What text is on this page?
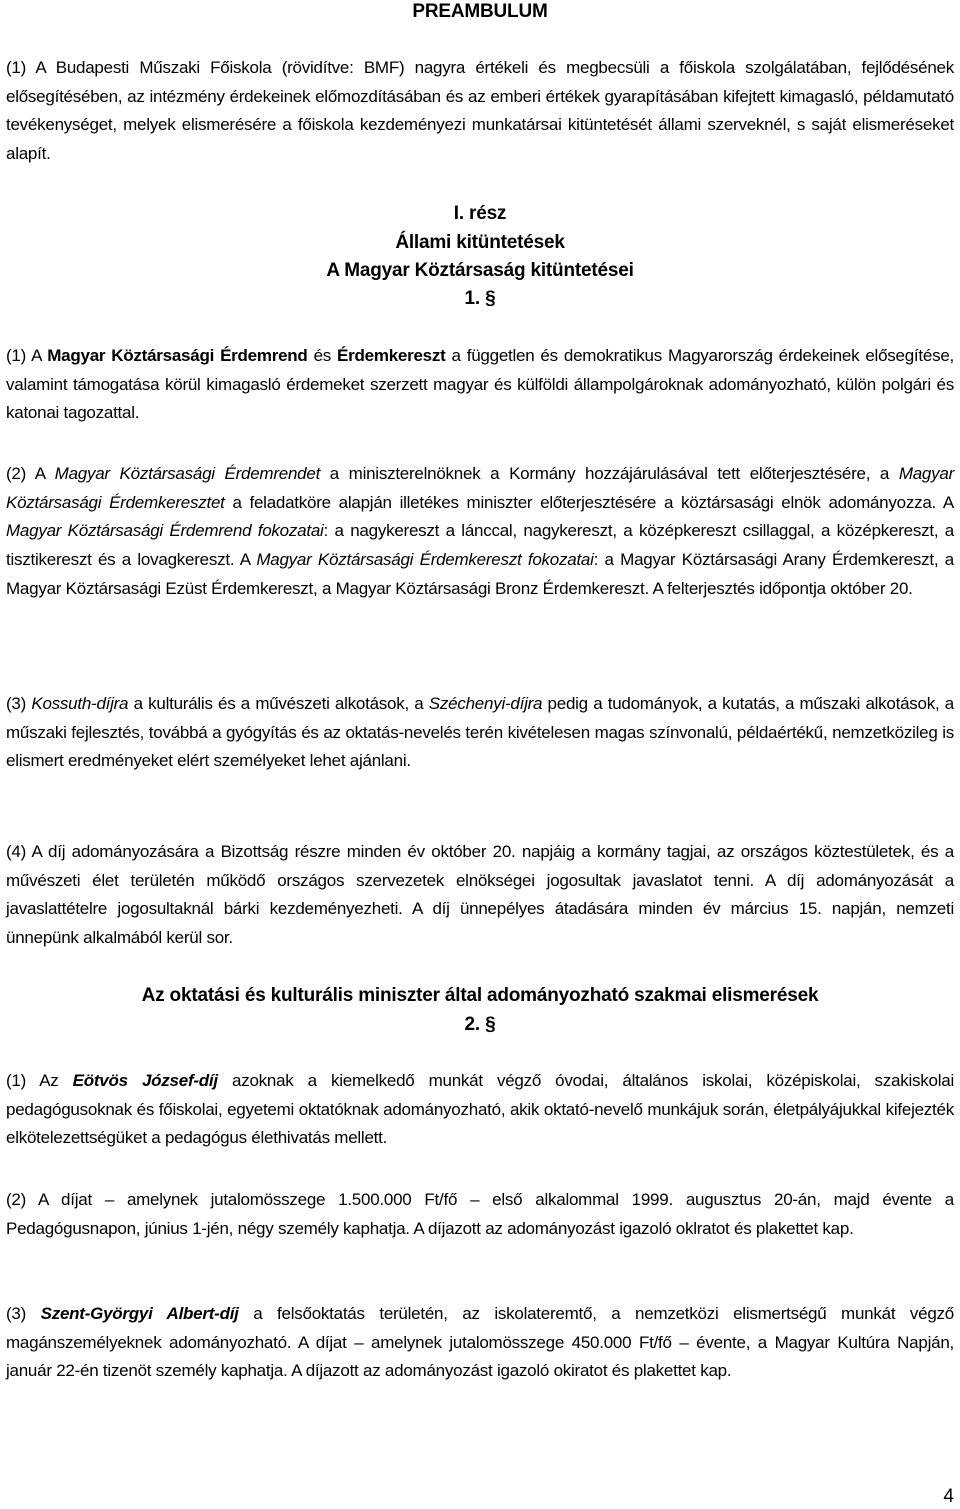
PREAMBULUM

(1) A Budapesti Műszaki Főiskola (rövidítve: BMF) nagyra értékeli és megbecsüli a főiskola szolgálatában, fejlődésének elősegítésében, az intézmény érdekeinek előmozdításában és az emberi értékek gyarapításában kifejtett kimagasló, példamutató tevékenységet, melyek elismerésére a főiskola kezdeményezi munkatársai kitüntetését állami szerveknél, s saját elismeréseket alapít.

I. rész
Állami kitüntetések
A Magyar Köztársaság kitüntetései
1. §

(1) A Magyar Köztársasági Érdemrend és Érdemkereszt a független és demokratikus Magyarország érdekeinek elősegítése, valamint támogatása körül kimagasló érdemeket szerzett magyar és külföldi állampolgároknak adományozható, külön polgári és katonai tagozattal.

(2) A Magyar Köztársasági Érdemrendet a miniszterelnöknek a Kormány hozzájárulásával tett előterjesztésére, a Magyar Köztársasági Érdemkeresztet a feladatköre alapján illetékes miniszter előterjesztésére a köztársasági elnök adományozza. A Magyar Köztársasági Érdemrend fokozatai: a nagykereszt a lánccal, nagykereszt, a középkereszt csillaggal, a középkereszt, a tisztikereszt és a lovagkereszt. A Magyar Köztársasági Érdemkereszt fokozatai: a Magyar Köztársasági Arany Érdemkereszt, a Magyar Köztársasági Ezüst Érdemkereszt, a Magyar Köztársasági Bronz Érdemkereszt. A felterjesztés időpontja október 20.

(3) Kossuth-díjra a kulturális és a művészeti alkotások, a Széchenyi-díjra pedig a tudományok, a kutatás, a műszaki alkotások, a műszaki fejlesztés, továbbá a gyógyítás és az oktatás-nevelés terén kivételesen magas színvonalú, példaértékű, nemzetközileg is elismert eredményeket elért személyeket lehet ajánlani.

(4) A díj adományozására a Bizottság részre minden év október 20. napjáig a kormány tagjai, az országos köztestületek, és a művészeti élet területén működő országos szervezetek elnökségei jogosultak javaslatot tenni. A díj adományozását a javaslattételre jogosultaknál bárki kezdeményezheti. A díj ünnepélyes átadására minden év március 15. napján, nemzeti ünnepünk alkalmából kerül sor.

Az oktatási és kulturális miniszter által adományozható szakmai elismerések
2. §

(1) Az Eötvös József-díj azoknak a kiemelkedő munkát végző óvodai, általános iskolai, középiskolai, szakiskolai pedagógusoknak és főiskolai, egyetemi oktatóknak adományozható, akik oktató-nevelő munkájuk során, életpályájukkal kifejezték elkötelezettségüket a pedagógus élethivatás mellett.

(2) A díjat – amelynek jutalomösszege 1.500.000 Ft/fő – első alkalommal 1999. augusztus 20-án, majd évente a Pedagógusnapon, június 1-jén, négy személy kaphatja. A díjazott az adományozást igazoló oklratot és plakettet kap.

(3) Szent-Györgyi Albert-díj a felsőoktatás területén, az iskolateremtő, a nemzetközi elismertségű munkát végző magánszemélyeknek adományozható. A díjat – amelynek jutalomösszege 450.000 Ft/fő – évente, a Magyar Kultúra Napján, január 22-én tizenöt személy kaphatja. A díjazott az adományozást igazoló okiratot és plakettet kap.

4
